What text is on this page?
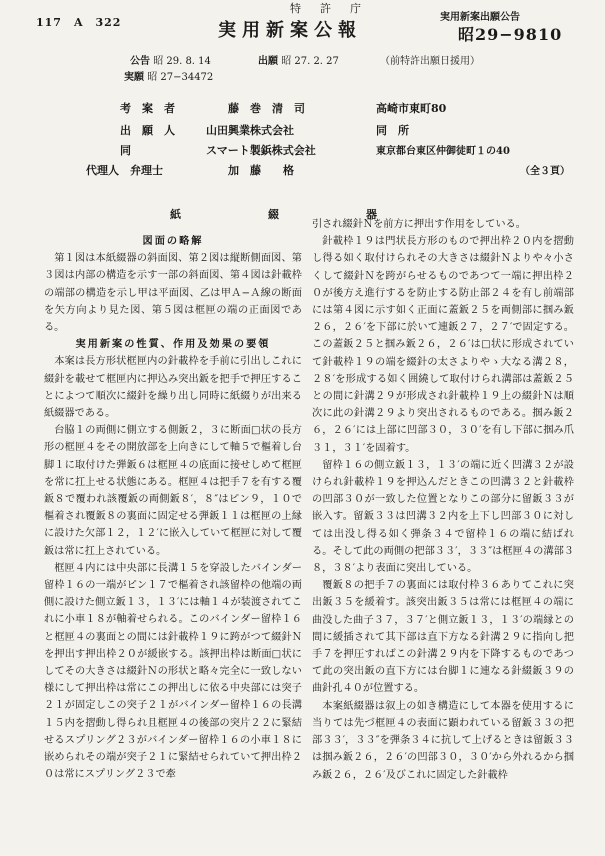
117　A　322
特　許　庁
実用新案公報
実用新案出願公告
昭29−9810
公告 昭 29. 8. 14	出願 昭 27. 2. 27	（前特許出願日援用）
実願 昭 27−34472
考　案　者	藤　巻　清　司	高崎市東町80
出　願　人	山田興業株式会社	同　所
同	スマート製鋲株式会社	東京都台東区仲御徒町１の40
代理人　弁理士	加　藤　　格	（全３頁）
紙　綴　器

図面の略解

第１図は本紙綴器の斜面図、第２図は縦断側面図、第３図は内部の構造を示す一部の斜面図、第４図は針載枠の端部の構造を示し甲は平面図、乙は甲Ａ−Ａ線の断面を矢方向より見た図、第５図は框匣の端の正面図である。

実用新案の性質、作用及効果の要領

本案は長方形状框匣内の針載枠を手前に引出しこれに綴針を載せて框匣内に押込み突出鈑を把手で押圧することによつて順次に綴針を繰り出し同時に紙綴りが出来る紙綴器である。

台脇１の両側に側立する側鈑２，３に断面□状の長方形の框匣４をその開放部を上向きにして軸５で樞着し台脚１に取付けた弾鈑６は框匣４の底面に接せしめて框匣を常に扛上せる状態にある。框匣４は把手７を有する覆鈑８で覆われ該覆鈑の両側鈑８′，８″はピン９，１０で樞着され覆鈑８の裏面に固定せる弾鈑１１は框匣の上縁に設けた欠部１２，１２′に嵌入していて框匣に対して覆鈑は常に扛上されている。

框匣４内には中央部に長溝１５を穿設したバインダー留枠１６の一端がピン１７で樞着され該留枠の他端の両側に設けた側立鈑１３，１３′には軸１４が装渡されてこれに小車１８が軸着せられる。このバインダー留枠１６と框匣４の裏面との間には針載枠１９に跨がつて綴針Ｎを押出す押出枠２０が緩嵌する。該押出枠は断面□状にしてその大きさは綴針Ｎの形状と略々完全に一致しない様にして押出枠は常にこの押出しに依る中央部には突子２１が固定しこの突子２１がバインダー留枠１６の長溝１５内を摺動し得られ且框匣４の後部の突片２２に緊結せるスプリング２３がバインダー留枠１６の小車１８に嵌められその端が突子２１に緊結せられていて押出枠２０は常にスプリング２３で牽

引され綴針Ｎを前方に押出す作用をしている。

針載枠１９は門状長方形のもので押出枠２０内を摺動し得る如く取付けられその大きさは綴針Ｎよりや々小さくして綴針Ｎを跨がらせるものであつて一端に押出枠２０が後方え進行するを防止する防止部２４を有し前端部には第４図に示す如く正面に蓋鈑２５を両側部に掴み鈑２６，２６′を下部に於いて連鈑２７，２７′で固定する。この蓋鈑２５と掴み鈑２６，２６′は□状に形成されていて針載枠１９の端を綴針の太さよりやゝ大なる溝２８，２８′を形成する如く囲繞して取付けられ溝部は蓋鈑２５との間に針溝２９が形成され針載枠１９上の綴針Ｎは順次に此の針溝２９より突出されるものである。掴み鈑２６，２６′には上部に凹部３０，３０′を有し下部に掴み爪３１，３１′を固着す。

留枠１６の側立鈑１３，１３′の端に近く凹溝３２が設けられ針載枠１９を押込んだときこの凹溝３２と針載枠の凹部３０が一致した位置となりこの部分に留鈑３３が嵌入す。留鈑３３は凹溝３２内を上下し凹部３０に対しては出没し得る如く弾条３４で留枠１６の端に結ばれる。そして此の両側の把部３３′，３３″は框匣４の溝部３８，３８′より表面に突出している。

覆鈑８の把手７の裏面には取付枠３６ありてこれに突出鈑３５を緩着す。該突出鈑３５は常には框匣４の端に曲没した曲子３７，３７′と側立鈑１３，１３′の端縁との間に緩插されて其下部は直下方なる針溝２９に指向し把手７を押圧すればこの針溝２９内を下降するものであつて此の突出鈑の直下方には台脚１に連なる針綴鈑３９の曲針孔４０が位置する。

本案紙綴器は叙上の如き構造にして本器を使用するに当りては先づ框匣４の表面に顕われている留鈑３３の把部３３′，３３″を弾条３４に抗して上げるときは留鈑３３は掴み鈑２６，２６′の凹部３０，３０′から外れるから掴み鈑２６，２６′及びこれに固定した針載枠
